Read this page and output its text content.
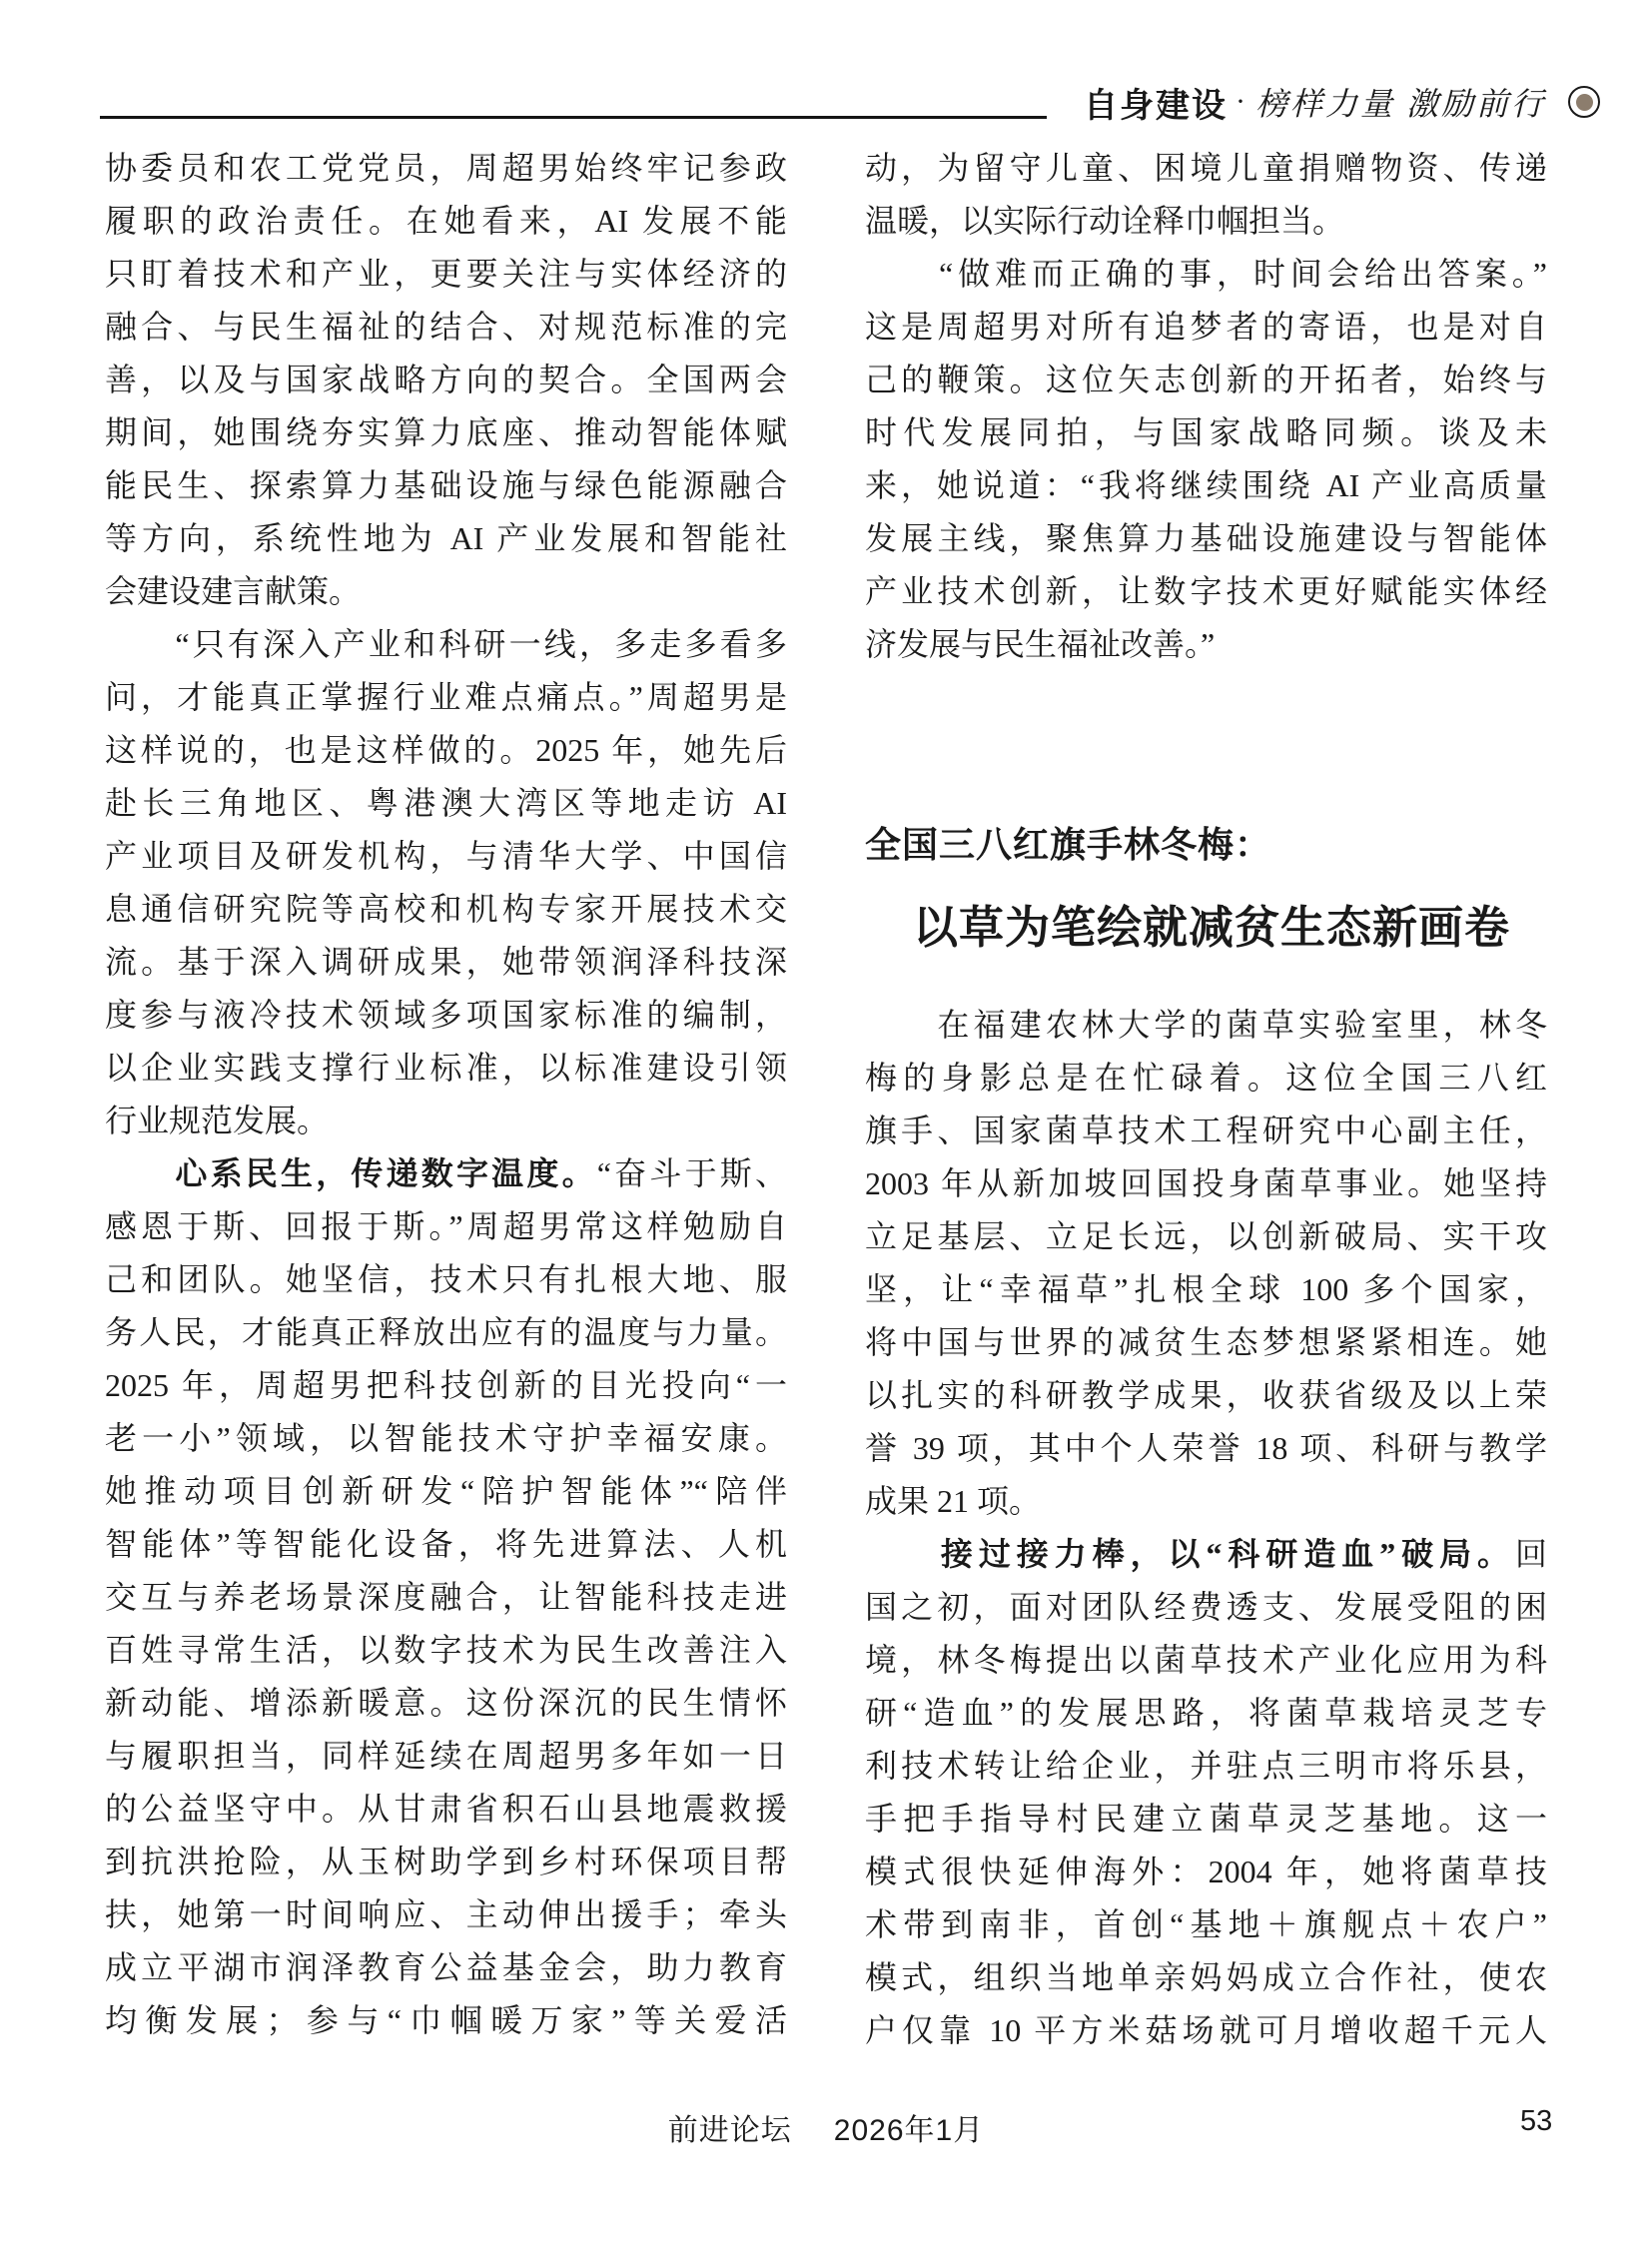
自身建设 · 榜样力量 激励前行
协委员和农工党党员，周超男始终牢记参政
履职的政治责任。在她看来，AI 发展不能
只盯着技术和产业，更要关注与实体经济的
融合、与民生福祉的结合、对规范标准的完
善，以及与国家战略方向的契合。全国两会
期间，她围绕夯实算力底座、推动智能体赋
能民生、探索算力基础设施与绿色能源融合
等方向，系统性地为 AI 产业发展和智能社
会建设建言献策。
　　“只有深入产业和科研一线，多走多看多
问，才能真正掌握行业难点痛点。”周超男是
这样说的，也是这样做的。2025 年，她先后
赴长三角地区、粤港澳大湾区等地走访 AI
产业项目及研发机构，与清华大学、中国信
息通信研究院等高校和机构专家开展技术交
流。基于深入调研成果，她带领润泽科技深
度参与液冷技术领域多项国家标准的编制，
以企业实践支撑行业标准，以标准建设引领
行业规范发展。
　　心系民生，传递数字温度。“奋斗于斯、
感恩于斯、回报于斯。”周超男常这样勉励自
己和团队。她坚信，技术只有扎根大地、服
务人民，才能真正释放出应有的温度与力量。
2025 年，周超男把科技创新的目光投向“一
老一小”领域，以智能技术守护幸福安康。
她推动项目创新研发“陪护智能体”“陪伴
智能体”等智能化设备，将先进算法、人机
交互与养老场景深度融合，让智能科技走进
百姓寻常生活，以数字技术为民生改善注入
新动能、增添新暖意。这份深沉的民生情怀
与履职担当，同样延续在周超男多年如一日
的公益坚守中。从甘肃省积石山县地震救援
到抗洪抢险，从玉树助学到乡村环保项目帮
扶，她第一时间响应、主动伸出援手；牵头
成立平湖市润泽教育公益基金会，助力教育
均衡发展；参与“巾帼暖万家”等关爱活
动，为留守儿童、困境儿童捐赠物资、传递
温暖，以实际行动诠释巾帼担当。
　　“做难而正确的事，时间会给出答案。”
这是周超男对所有追梦者的寄语，也是对自
己的鞭策。这位矢志创新的开拓者，始终与
时代发展同拍，与国家战略同频。谈及未
来，她说道：“我将继续围绕 AI 产业高质量
发展主线，聚焦算力基础设施建设与智能体
产业技术创新，让数字技术更好赋能实体经
济发展与民生福祉改善。”
全国三八红旗手林冬梅：
以草为笔绘就减贫生态新画卷
　　在福建农林大学的菌草实验室里，林冬
梅的身影总是在忙碌着。这位全国三八红
旗手、国家菌草技术工程研究中心副主任，
2003 年从新加坡回国投身菌草事业。她坚持
立足基层、立足长远，以创新破局、实干攻
坚，让“幸福草”扎根全球 100 多个国家，
将中国与世界的减贫生态梦想紧紧相连。她
以扎实的科研教学成果，收获省级及以上荣
誉 39 项，其中个人荣誉 18 项、科研与教学
成果 21 项。
　　接过接力棒，以“科研造血”破局。回
国之初，面对团队经费透支、发展受阻的困
境，林冬梅提出以菌草技术产业化应用为科
研“造血”的发展思路，将菌草栽培灵芝专
利技术转让给企业，并驻点三明市将乐县，
手把手指导村民建立菌草灵芝基地。这一
模式很快延伸海外：2004 年，她将菌草技
术带到南非，首创“基地＋旗舰点＋农户”
模式，组织当地单亲妈妈成立合作社，使农
户仅靠 10 平方米菇场就可月增收超千元人
前进论坛 2026年1月	53
